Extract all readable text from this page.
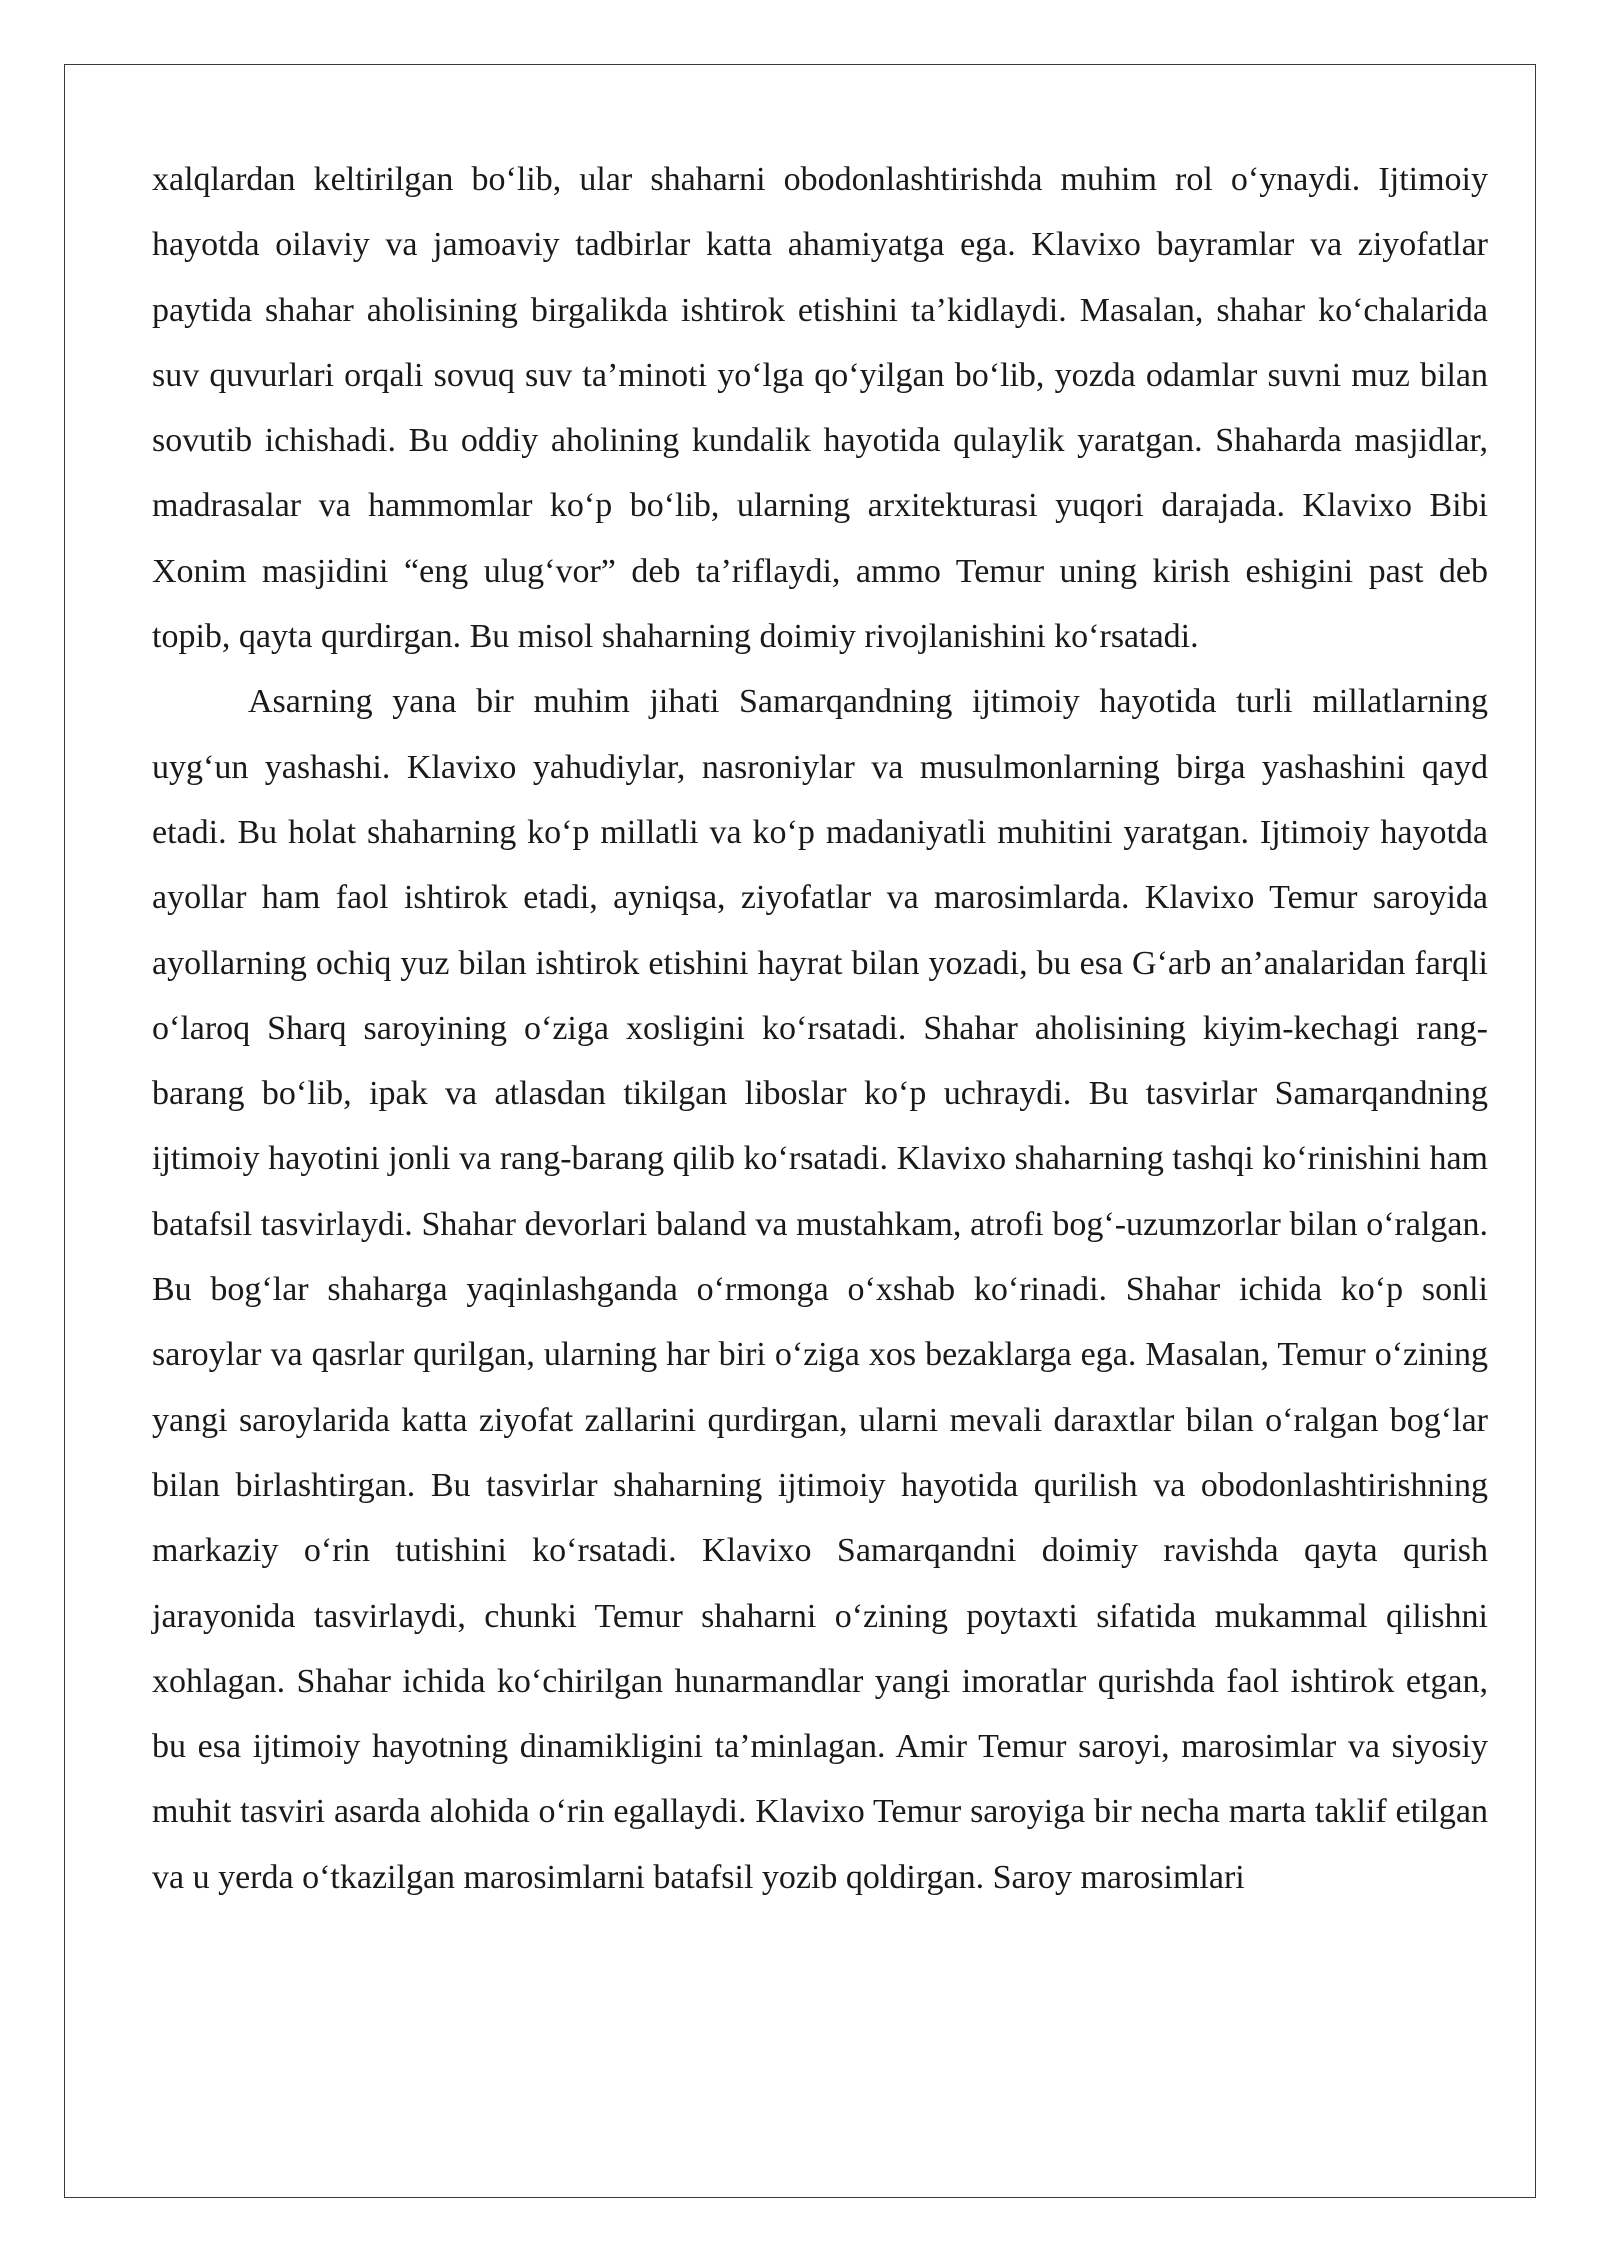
xalqlardan keltirilgan bo‘lib, ular shaharni obodonlashtirishda muhim rol o‘ynaydi. Ijtimoiy hayotda oilaviy va jamoaviy tadbirlar katta ahamiyatga ega. Klavixo bayramlar va ziyofatlar paytida shahar aholisining birgalikda ishtirok etishini ta’kidlaydi. Masalan, shahar ko‘chalarida suv quvurlari orqali sovuq suv ta’minoti yo‘lga qo‘yilgan bo‘lib, yozda odamlar suvni muz bilan sovutib ichishadi. Bu oddiy aholining kundalik hayotida qulaylik yaratgan. Shaharda masjidlar, madrasalar va hammomlar ko‘p bo‘lib, ularning arxitekturasi yuqori darajada. Klavixo Bibi Xonim masjidini “eng ulug‘vor” deb ta’riflaydi, ammo Temur uning kirish eshigini past deb topib, qayta qurdirgan. Bu misol shaharning doimiy rivojlanishini ko‘rsatadi.

Asarning yana bir muhim jihati Samarqandning ijtimoiy hayotida turli millatlarning uyg‘un yashashi. Klavixo yahudiylar, nasroniylar va musulmonlarning birga yashashini qayd etadi. Bu holat shaharning ko‘p millatli va ko‘p madaniyatli muhitini yaratgan. Ijtimoiy hayotda ayollar ham faol ishtirok etadi, ayniqsa, ziyofatlar va marosimlarda. Klavixo Temur saroyida ayollarning ochiq yuz bilan ishtirok etishini hayrat bilan yozadi, bu esa G‘arb an’analaridan farqli o‘laroq Sharq saroyining o‘ziga xosligini ko‘rsatadi. Shahar aholisining kiyim-kechagi rang-barang bo‘lib, ipak va atlasdan tikilgan liboslar ko‘p uchraydi. Bu tasvirlar Samarqandning ijtimoiy hayotini jonli va rang-barang qilib ko‘rsatadi. Klavixo shaharning tashqi ko‘rinishini ham batafsil tasvirlaydi. Shahar devorlari baland va mustahkam, atrofi bog‘-uzumzorlar bilan o‘ralgan. Bu bog‘lar shaharga yaqinlashganda o‘rmonga o‘xshab ko‘rinadi. Shahar ichida ko‘p sonli saroylar va qasrlar qurilgan, ularning har biri o‘ziga xos bezaklarga ega. Masalan, Temur o‘zining yangi saroylarida katta ziyofat zallarini qurdirgan, ularni mevali daraxtlar bilan o‘ralgan bog‘lar bilan birlashtirgan. Bu tasvirlar shaharning ijtimoiy hayotida qurilish va obodonlashtirishning markaziy o‘rin tutishini ko‘rsatadi. Klavixo Samarqandni doimiy ravishda qayta qurish jarayonida tasvirlaydi, chunki Temur shaharni o‘zining poytaxti sifatida mukammal qilishni xohlagan. Shahar ichida ko‘chirilgan hunarmandlar yangi imoratlar qurishda faol ishtirok etgan, bu esa ijtimoiy hayotning dinamikligini ta’minlagan. Amir Temur saroyi, marosimlar va siyosiy muhit tasviri asarda alohida o‘rin egallaydi. Klavixo Temur saroyiga bir necha marta taklif etilgan va u yerda o‘tkazilgan marosimlarni batafsil yozib qoldirgan. Saroy marosimlari
